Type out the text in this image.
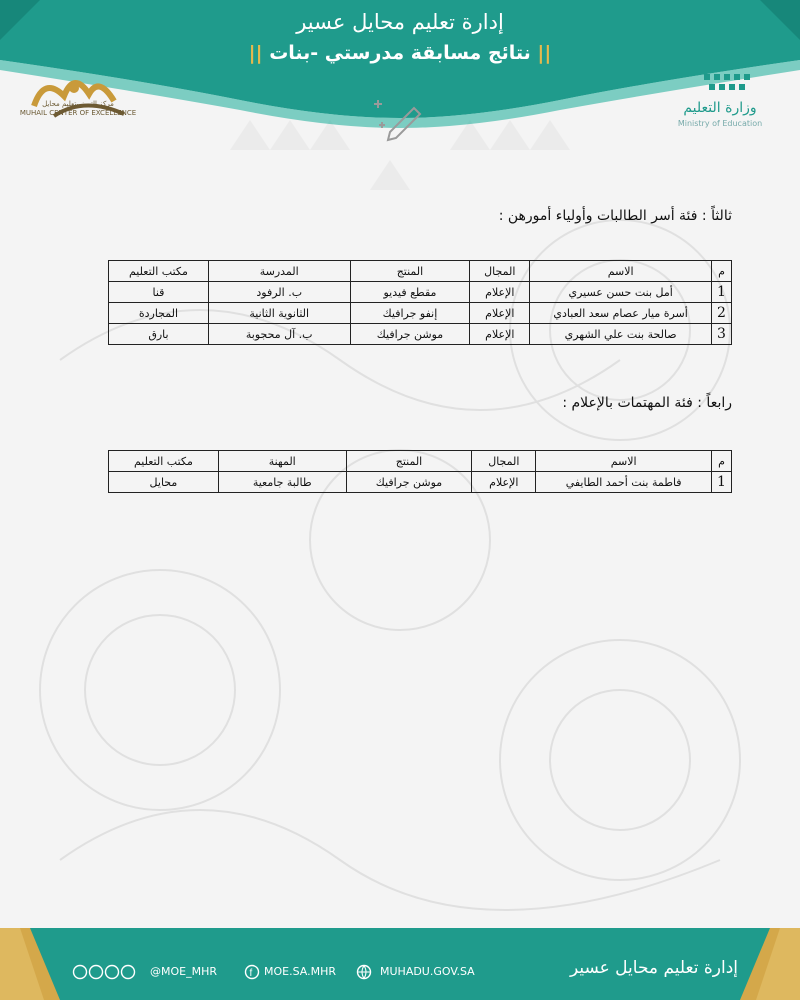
إدارة تعليم محايل عسير
|| نتائج مسابقة مدرستي -بنات ||
مركز التميز بتعليم محايل
MUHAIL CENTER OF EXCELLENCE	وزارة التعليم
Ministry of Education
ثالثاً : فئة أسر الطالبات وأولياء أمورهن :
م	الاسم	المجال	المنتج	المدرسة	مكتب التعليم
1	أمل بنت حسن عسيري	الإعلام	مقطع فيديو	ب. الرفود	قنا
2	أسرة ميار عصام سعد العبادي	الإعلام	إنفو جرافيك	الثانوية الثانية	المجاردة
3	صالحة بنت علي الشهري	الإعلام	موشن جرافيك	ب. آل محجوبة	بارق
رابعاً : فئة المهتمات بالإعلام :
م	الاسم	المجال	المنتج	المهنة	مكتب التعليم
1	فاطمة بنت أحمد الطايفي	الإعلام	موشن جرافيك	طالبة جامعية	محايل
@MOE_MHR	f MOE.SA.MHR	MUHADU.GOV.SA	إدارة تعليم محايل عسير
